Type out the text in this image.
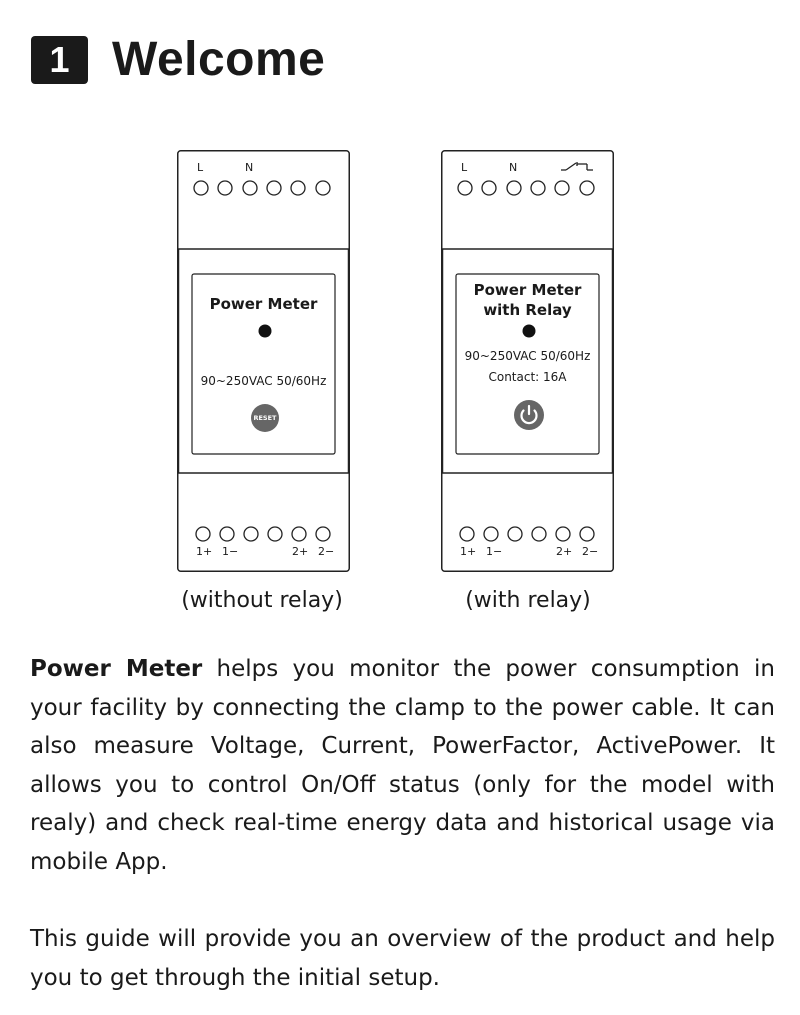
1 Welcome
L	N
Power Meter
90~250VAC 50/60Hz
RESET
1+ 1−	2+ 2−
(without relay)
L	N
Power Meter
with Relay
90~250VAC 50/60Hz
Contact: 16A
1+ 1−	2+ 2−
(with relay)

Power Meter helps you monitor the power consumption in your facility by connecting the clamp to the power cable. It can also measure Voltage, Current, PowerFactor, ActivePower. It allows you to control On/Off status (only for the model with realy) and check real-time energy data and historical usage via mobile App.

This guide will provide you an overview of the product and help you to get through the initial setup.
